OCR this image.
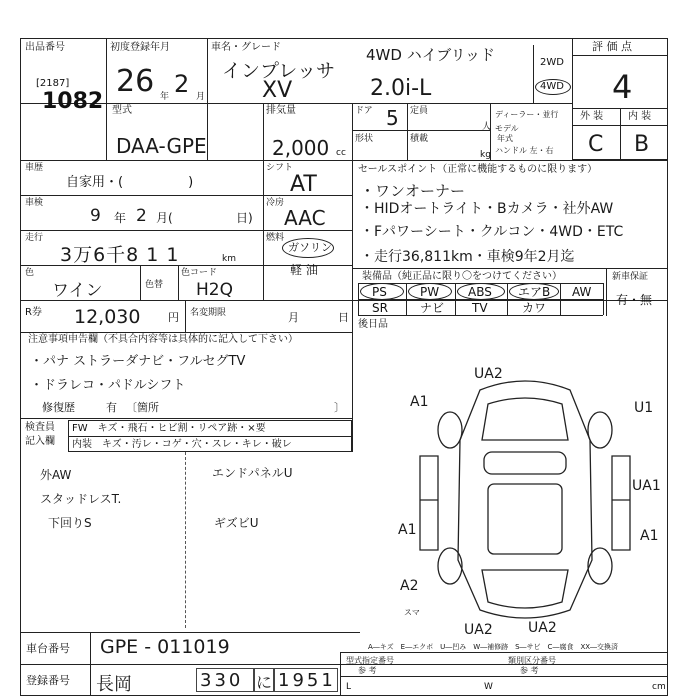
出品番号
[2187]
1082
初度登録年月
26 年 2 月
車名・グレード
インプレッサ
XV
4WD ハイブリッド
2.0i-L
2WD
4WD
評 価 点
4
外 装 内 装
C B
型式
DAA-GPE
排気量
2,000 cc
ドア 5
形状
定員
人
積載
kg
ディーラー・並行
モデル
年式
ハンドル 左・右
車歴
自家用・(　　　　　)
車検
9 年 2 月(	日)
走行
3万6千8 1 1	km
色
ワイン	色替
色コード
H2Q
シフト
AT
冷房
AAC
燃料
ガソリン
軽 油
R券 12,030	円 名変期限	月	日
セールスポイント（正常に機能するものに限ります）
・ワンオーナー
・HIDオートライト・Bカメラ・社外AW
・Fパワーシート・クルコン・4WD・ETC
・走行36,811km・車検9年2月迄
装備品（純正品に限り〇をつけてください）	新車保証
PS	PW ABS エアB AW
SR	ナビ TV	カワ
有・無
後日品
注意事項申告欄（不具合内容等は具体的に記入して下さい）
・パナ ストラーダナビ・フルセグTV
・ドラレコ・パドルシフト
修復歴	有 〔箇所	〕
検査員
記入欄
FW　キズ・飛石・ヒビ割・リペア跡・×要
内装　キズ・汚レ・コゲ・穴・スレ・キレ・破レ
外AW
スタッドレスT.
下回りS
エンドパネルU
ギズビU
UA2
A1	U1
A1
UA1
A1
A2
UA2	UA2
スマ
A―キズ　E―エクボ　U―凹み　W―補修跡　S―サビ　C―腐食　XX―交換済
車台番号 GPE - 011019
登録番号 長岡	330 に 1951
型式指定番号
参 考
類別区分番号
参 考
L	W	cm
